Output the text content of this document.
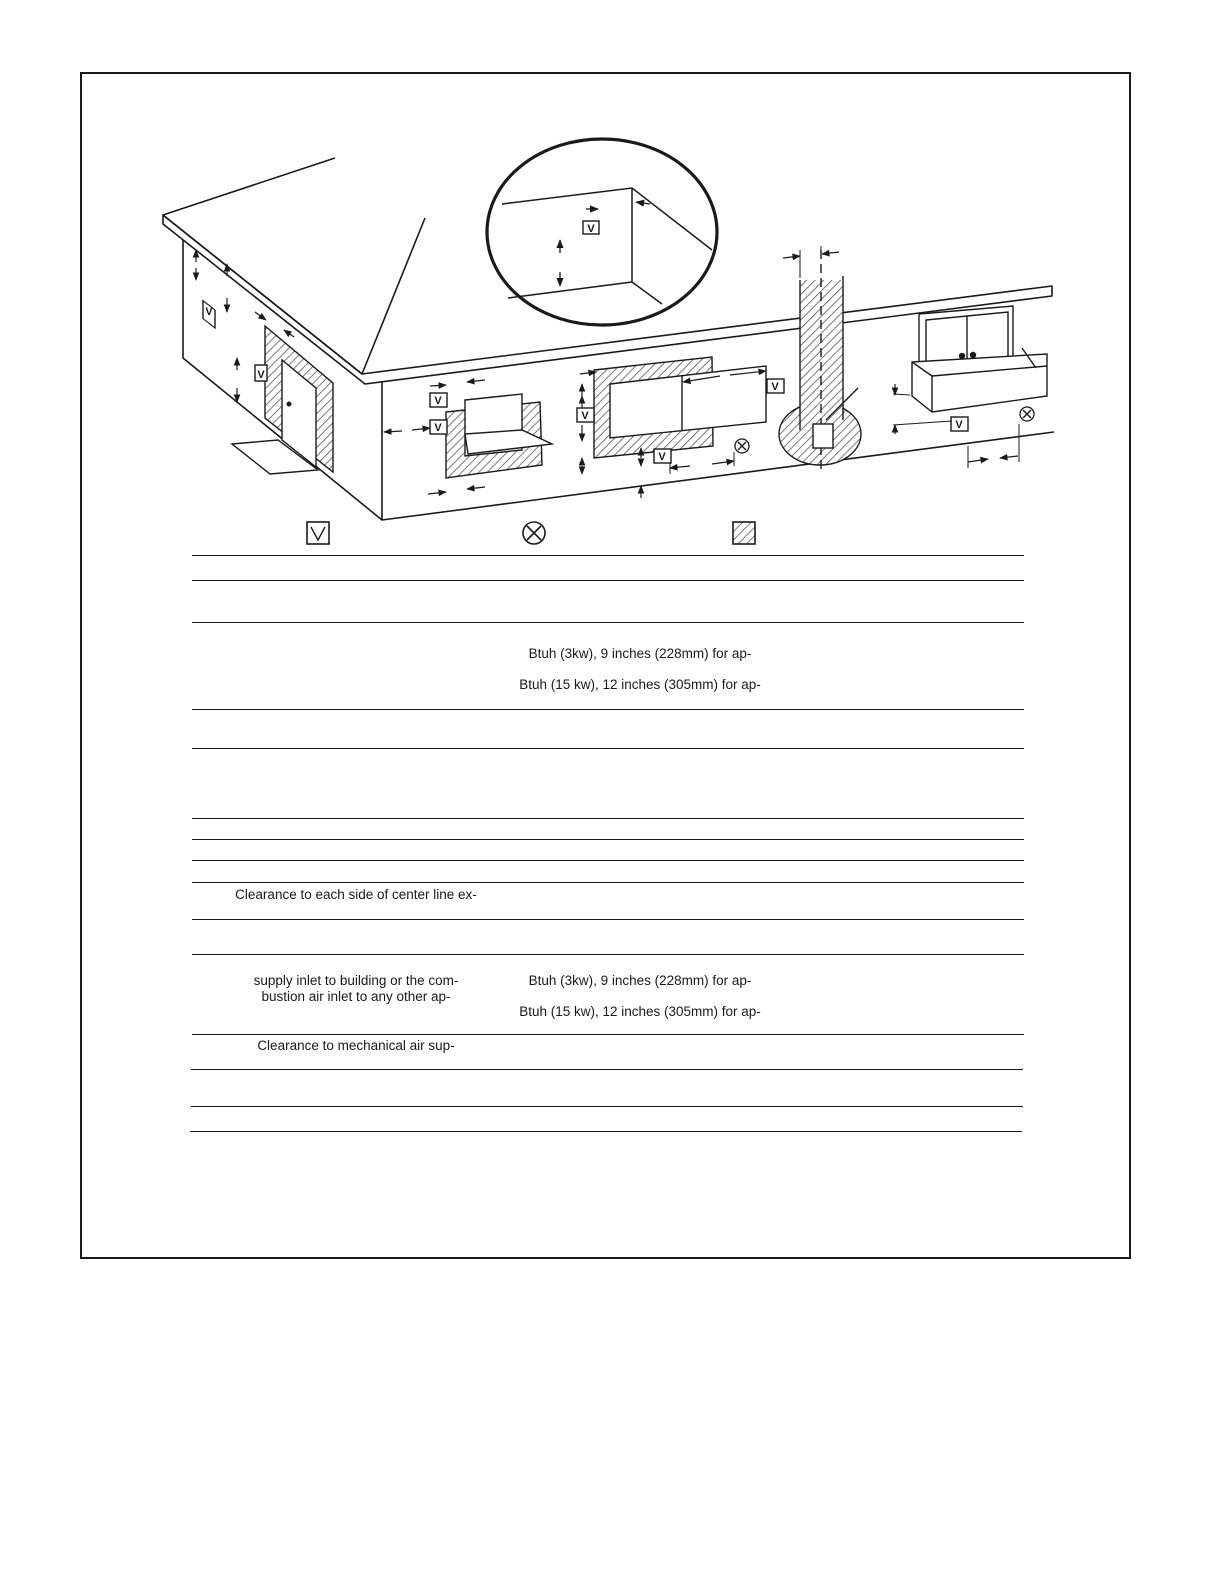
V
V
V
V
V
V
V
V
V
Btuh (3kw), 9 inches (228mm) for ap-
Btuh (15 kw), 12 inches (305mm) for ap-
Clearance to each side of center line ex-
supply inlet to building or the com-
bustion air inlet to any other ap-
Btuh (3kw), 9 inches (228mm) for ap-
Btuh (15 kw), 12 inches (305mm) for ap-
Clearance to mechanical air sup-
